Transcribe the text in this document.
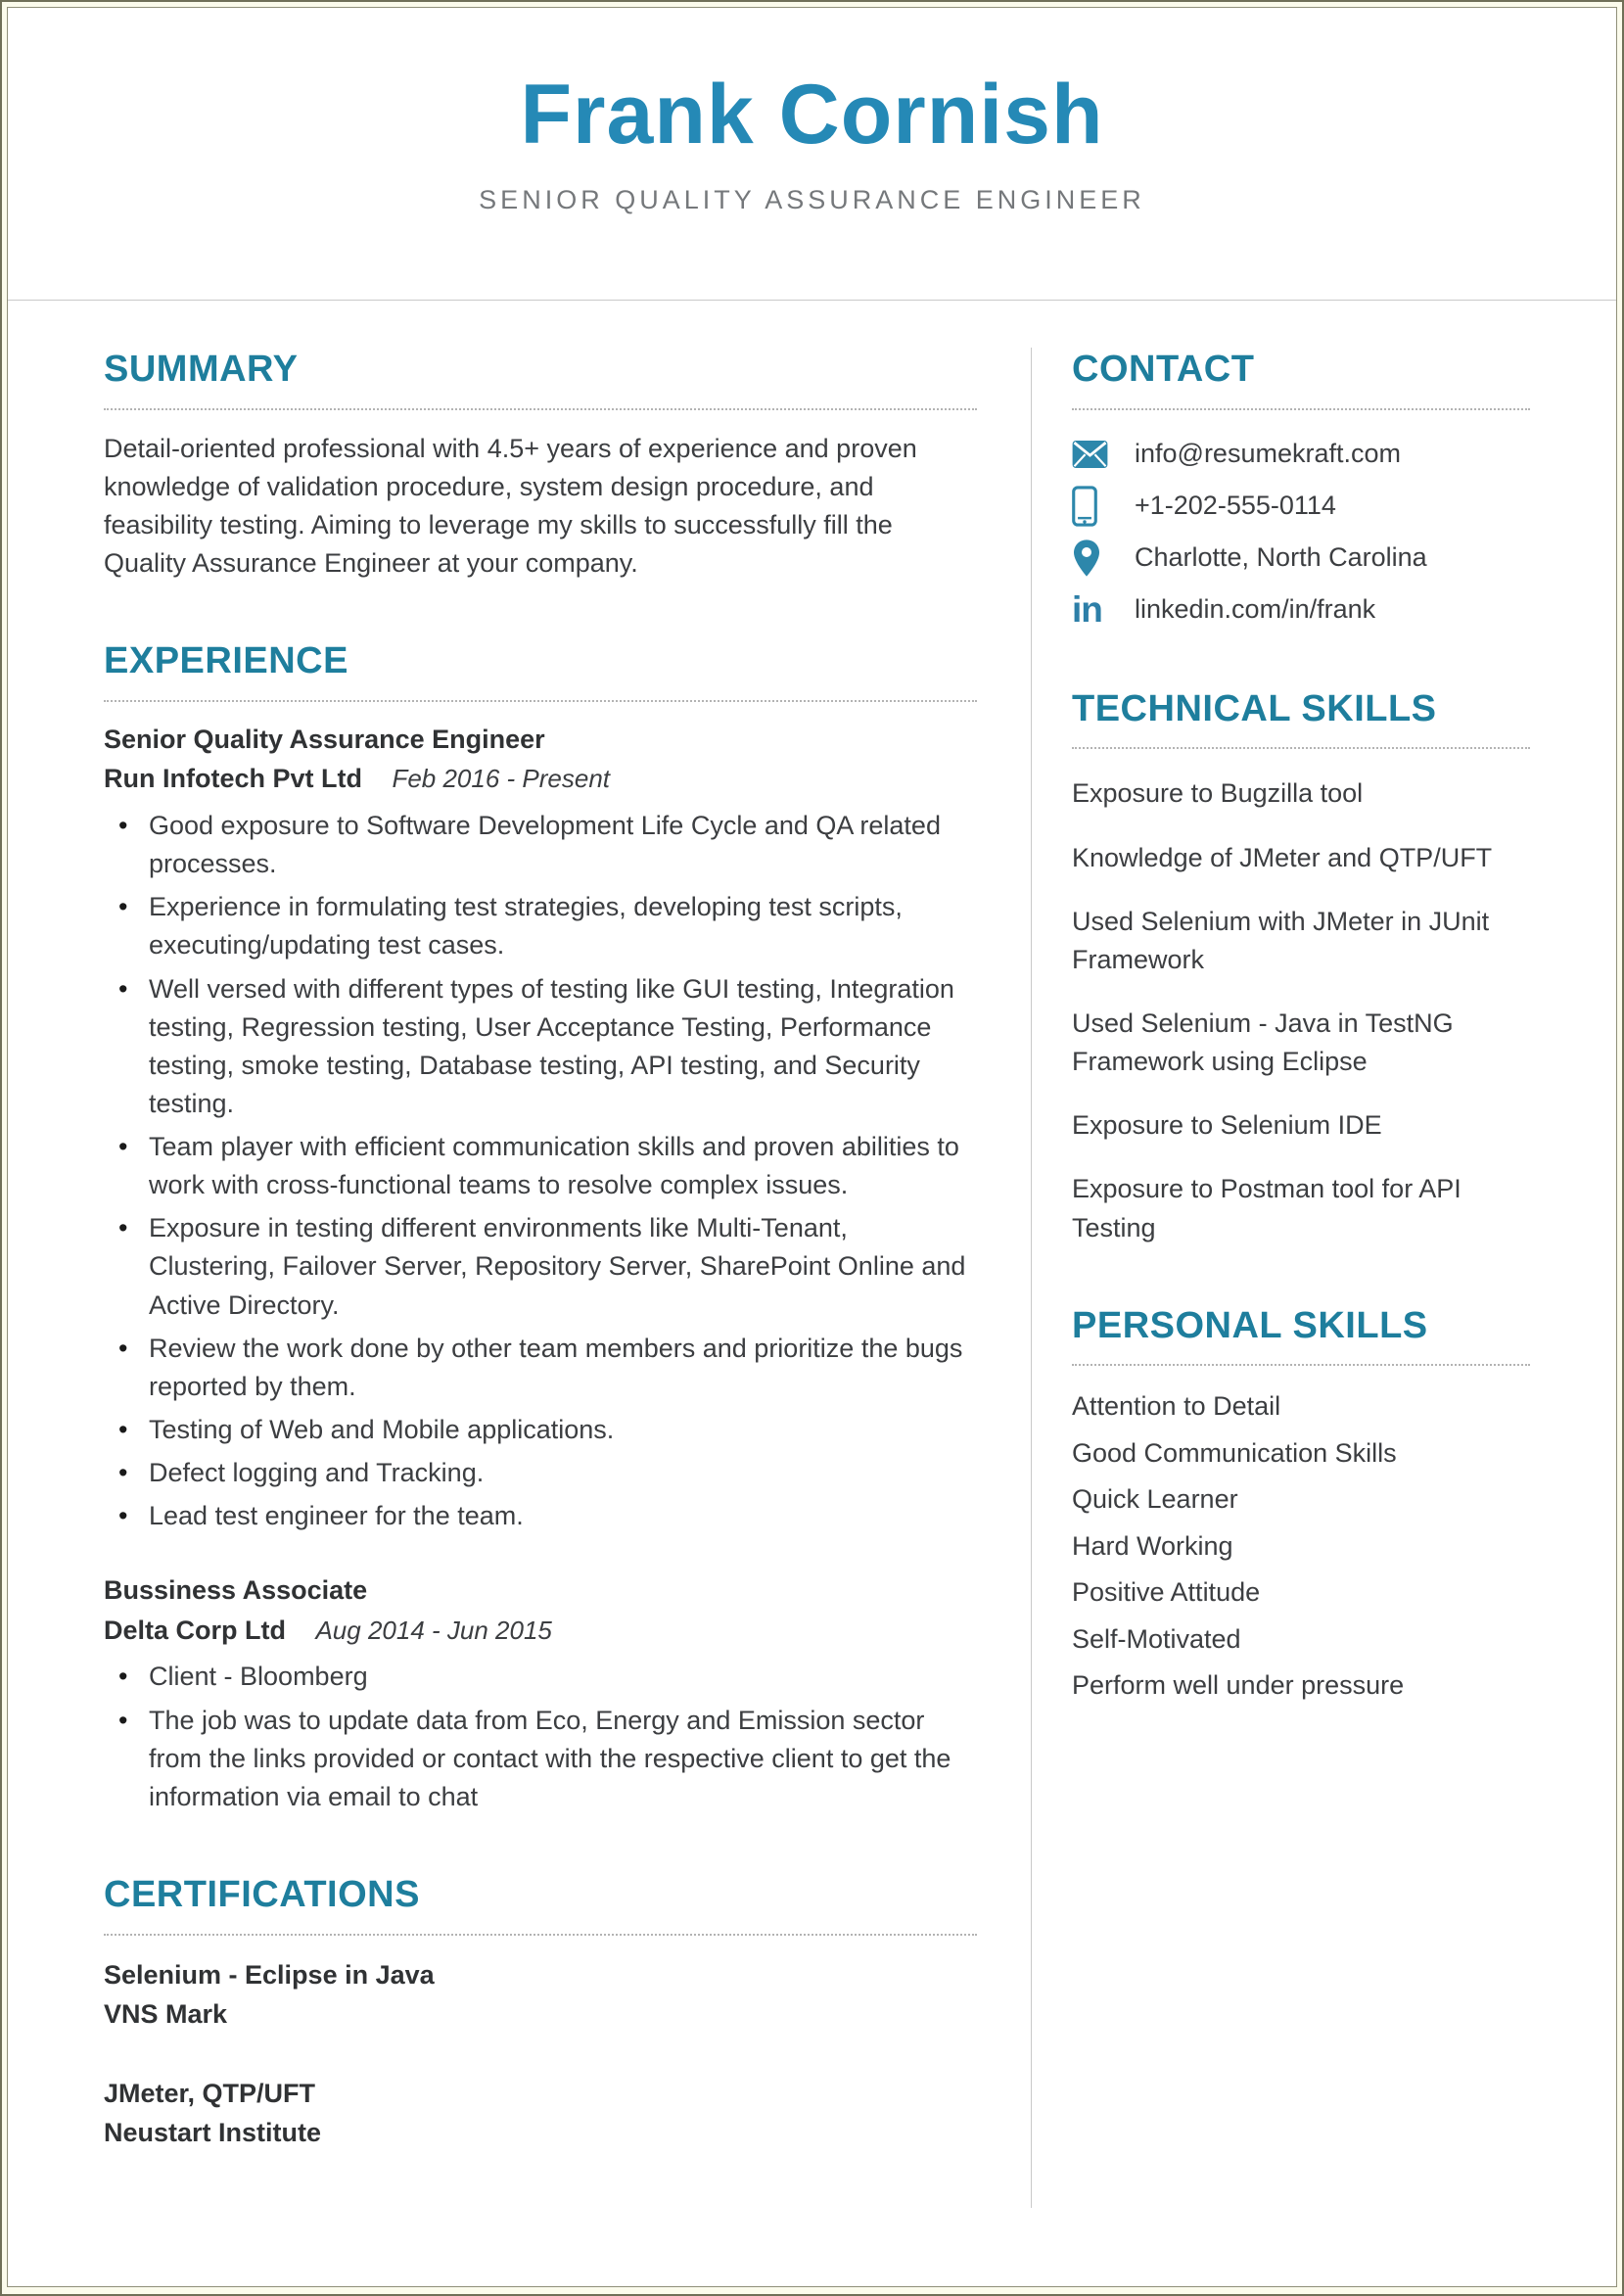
Frank Cornish
SENIOR QUALITY ASSURANCE ENGINEER
SUMMARY

Detail-oriented professional with 4.5+ years of experience and proven knowledge of validation procedure, system design procedure, and feasibility testing. Aiming to leverage my skills to successfully fill the Quality Assurance Engineer at your company.

EXPERIENCE
Senior Quality Assurance Engineer
Run Infotech Pvt Ltd Feb 2016 - Present
• Good exposure to Software Development Life Cycle and QA related processes.
• Experience in formulating test strategies, developing test scripts, executing/updating test cases.
• Well versed with different types of testing like GUI testing, Integration testing, Regression testing, User Acceptance Testing, Performance testing, smoke testing, Database testing, API testing, and Security testing.
• Team player with efficient communication skills and proven abilities to work with cross-functional teams to resolve complex issues.
• Exposure in testing different environments like Multi-Tenant, Clustering, Failover Server, Repository Server, SharePoint Online and Active Directory.
• Review the work done by other team members and prioritize the bugs reported by them.
• Testing of Web and Mobile applications.
• Defect logging and Tracking.
• Lead test engineer for the team.
Bussiness Associate
Delta Corp Ltd Aug 2014 - Jun 2015
• Client - Bloomberg
• The job was to update data from Eco, Energy and Emission sector from the links provided or contact with the respective client to get the information via email to chat
CERTIFICATIONS
Selenium - Eclipse in Java
VNS Mark
JMeter, QTP/UFT
Neustart Institute
CONTACT
info@resumekraft.com
+1-202-555-0114
Charlotte, North Carolina
in linkedin.com/in/frank
TECHNICAL SKILLS
Exposure to Bugzilla tool
Knowledge of JMeter and QTP/UFT
Used Selenium with JMeter in JUnit Framework
Used Selenium - Java in TestNG Framework using Eclipse
Exposure to Selenium IDE
Exposure to Postman tool for API Testing
PERSONAL SKILLS
Attention to Detail
Good Communication Skills
Quick Learner
Hard Working
Positive Attitude
Self-Motivated
Perform well under pressure
